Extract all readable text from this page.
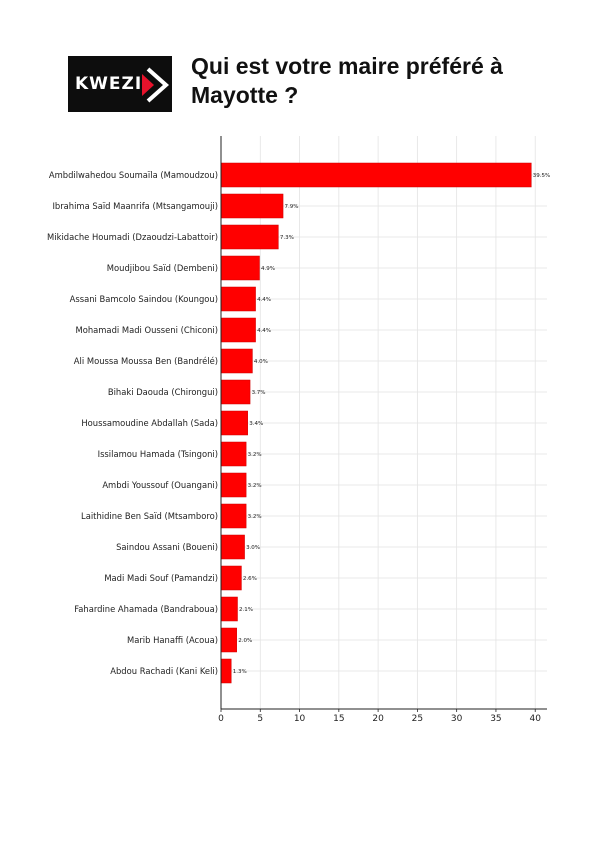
KWEZI
Qui est votre maire préféré à Mayotte ?
0	5	10	15	20	25	30	35	40
Ambdilwahedou Soumaïla (Mamoudzou)	39.5%
Ibrahima Saïd Maanrifa (Mtsangamouji)	7.9%
Mikidache Houmadi (Dzaoudzi-Labattoir)	7.3%
Moudjibou Saïd (Dembeni)	4.9%
Assani Bamcolo Saindou (Koungou)	4.4%
Mohamadi Madi Ousseni (Chiconi)	4.4%
Ali Moussa Moussa Ben (Bandrélé)	4.0%
Bihaki Daouda (Chirongui)	3.7%
Houssamoudine Abdallah (Sada)	3.4%
Issilamou Hamada (Tsingoni)	3.2%
Ambdi Youssouf (Ouangani)	3.2%
Laithidine Ben Saïd (Mtsamboro)	3.2%
Saindou Assani (Boueni)	3.0%
Madi Madi Souf (Pamandzi)	2.6%
Fahardine Ahamada (Bandraboua)	2.1%
Marib Hanaffi (Acoua)	2.0%
Abdou Rachadi (Kani Keli)	1.3%
